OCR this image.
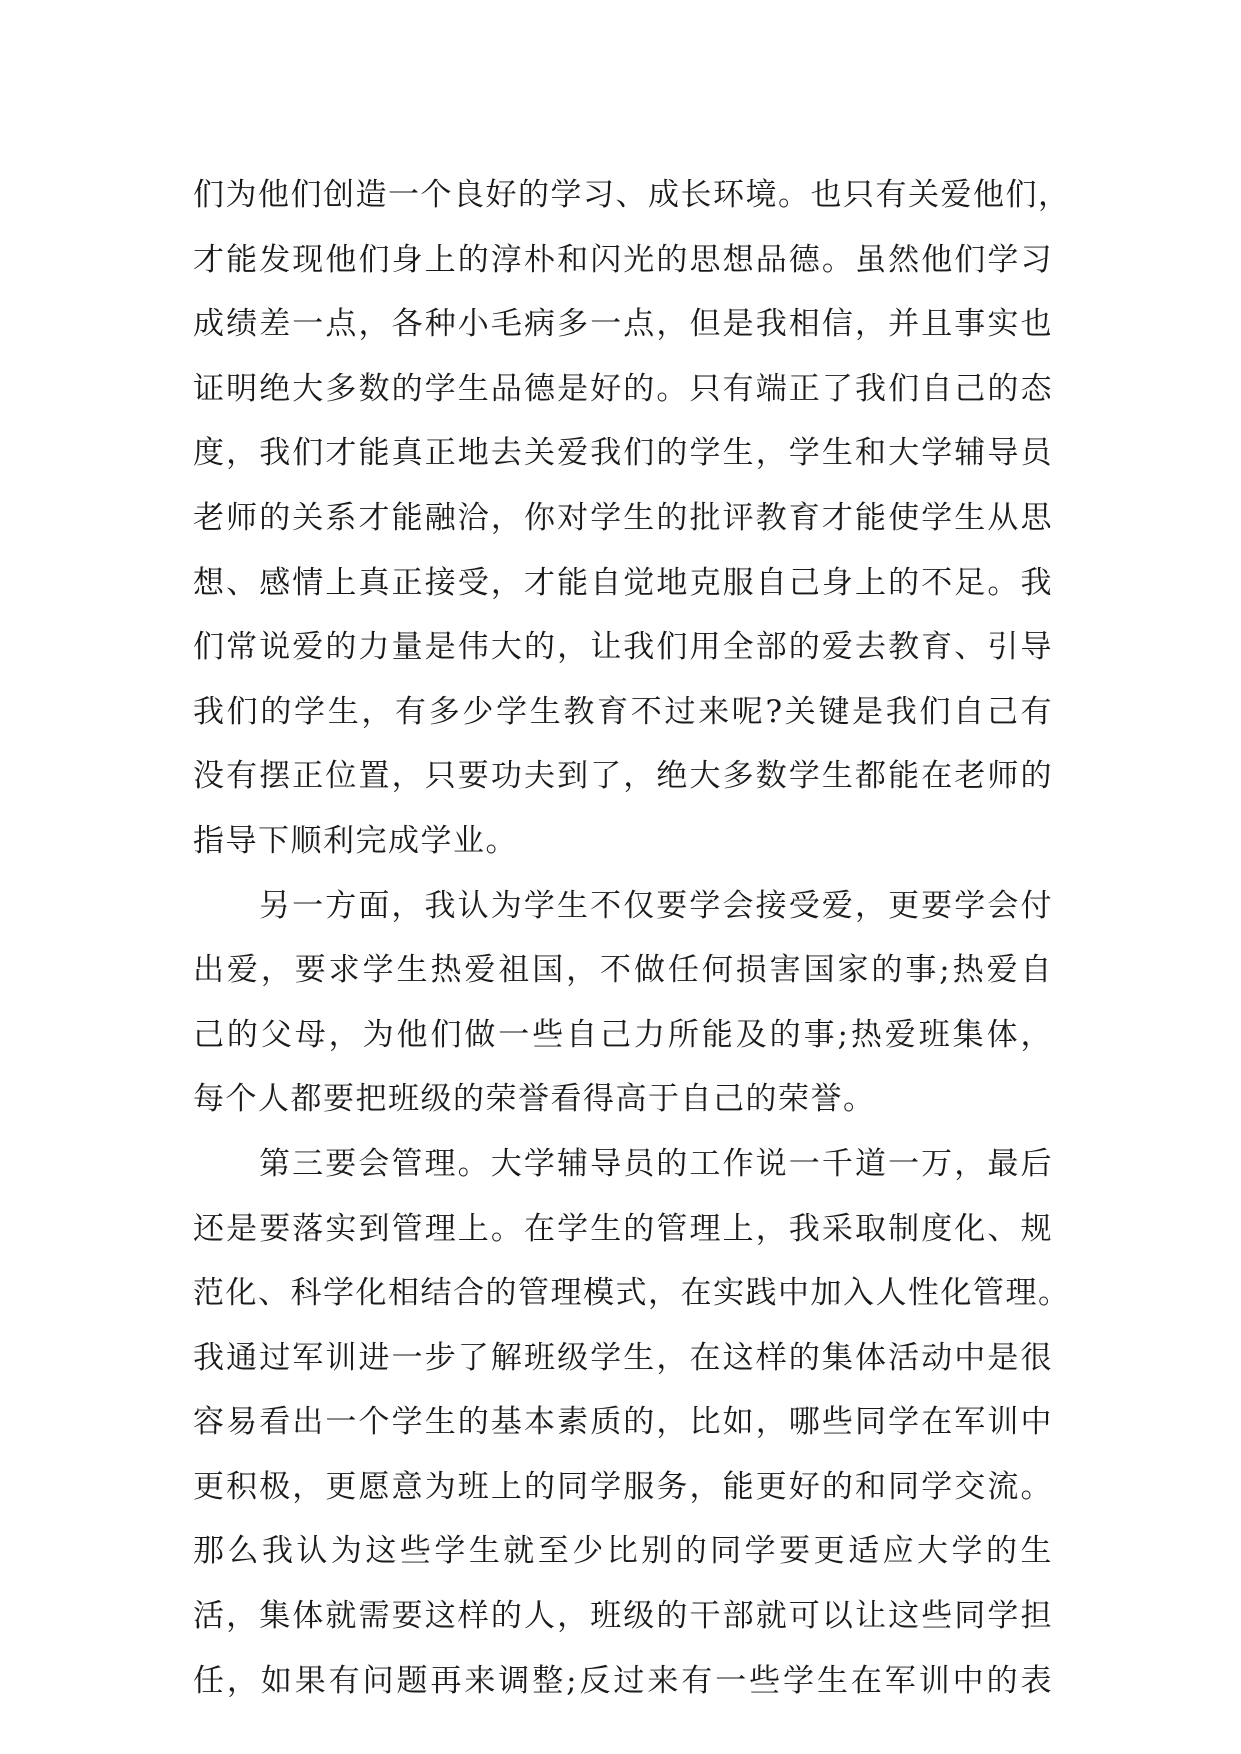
们为他们创造一个良好的学习、成长环境。也只有关爱他们，
才能发现他们身上的淳朴和闪光的思想品德。虽然他们学习
成绩差一点，各种小毛病多一点，但是我相信，并且事实也
证明绝大多数的学生品德是好的。只有端正了我们自己的态
度，我们才能真正地去关爱我们的学生，学生和大学辅导员
老师的关系才能融洽，你对学生的批评教育才能使学生从思
想、感情上真正接受，才能自觉地克服自己身上的不足。我
们常说爱的力量是伟大的，让我们用全部的爱去教育、引导
我们的学生，有多少学生教育不过来呢?关键是我们自己有
没有摆正位置，只要功夫到了，绝大多数学生都能在老师的
指导下顺利完成学业。
另一方面，我认为学生不仅要学会接受爱，更要学会付
出爱，要求学生热爱祖国，不做任何损害国家的事;热爱自
己的父母，为他们做一些自己力所能及的事;热爱班集体，
每个人都要把班级的荣誉看得高于自己的荣誉。
第三要会管理。大学辅导员的工作说一千道一万，最后
还是要落实到管理上。在学生的管理上，我采取制度化、规
范化、科学化相结合的管理模式，在实践中加入人性化管理。
我通过军训进一步了解班级学生，在这样的集体活动中是很
容易看出一个学生的基本素质的，比如，哪些同学在军训中
更积极，更愿意为班上的同学服务，能更好的和同学交流。
那么我认为这些学生就至少比别的同学要更适应大学的生
活，集体就需要这样的人，班级的干部就可以让这些同学担
任，如果有问题再来调整;反过来有一些学生在军训中的表
